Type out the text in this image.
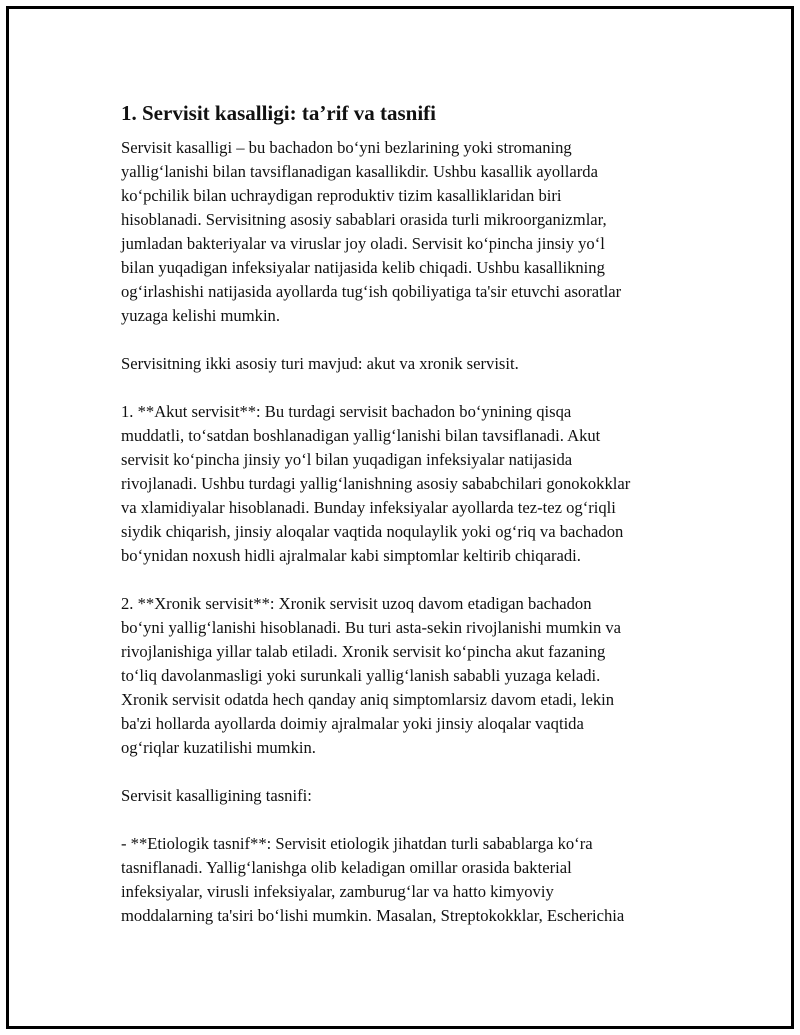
1. Servisit kasalligi: ta’rif va tasnifi
Servisit kasalligi – bu bachadon bo‘yni bezlarining yoki stromaning
yallig‘lanishi bilan tavsiflanadigan kasallikdir. Ushbu kasallik ayollarda
ko‘pchilik bilan uchraydigan reproduktiv tizim kasalliklaridan biri
hisoblanadi. Servisitning asosiy sabablari orasida turli mikroorganizmlar,
jumladan bakteriyalar va viruslar joy oladi. Servisit ko‘pincha jinsiy yo‘l
bilan yuqadigan infeksiyalar natijasida kelib chiqadi. Ushbu kasallikning
og‘irlashishi natijasida ayollarda tug‘ish qobiliyatiga ta'sir etuvchi asoratlar
yuzaga kelishi mumkin.
Servisitning ikki asosiy turi mavjud: akut va xronik servisit.
1. **Akut servisit**: Bu turdagi servisit bachadon bo‘ynining qisqa
muddatli, to‘satdan boshlanadigan yallig‘lanishi bilan tavsiflanadi. Akut
servisit ko‘pincha jinsiy yo‘l bilan yuqadigan infeksiyalar natijasida
rivojlanadi. Ushbu turdagi yallig‘lanishning asosiy sababchilari gonokokklar
va xlamidiyalar hisoblanadi. Bunday infeksiyalar ayollarda tez-tez og‘riqli
siydik chiqarish, jinsiy aloqalar vaqtida noqulaylik yoki og‘riq va bachadon
bo‘ynidan noxush hidli ajralmalar kabi simptomlar keltirib chiqaradi.
2. **Xronik servisit**: Xronik servisit uzoq davom etadigan bachadon
bo‘yni yallig‘lanishi hisoblanadi. Bu turi asta-sekin rivojlanishi mumkin va
rivojlanishiga yillar talab etiladi. Xronik servisit ko‘pincha akut fazaning
to‘liq davolanmasligi yoki surunkali yallig‘lanish sababli yuzaga keladi.
Xronik servisit odatda hech qanday aniq simptomlarsiz davom etadi, lekin
ba'zi hollarda ayollarda doimiy ajralmalar yoki jinsiy aloqalar vaqtida
og‘riqlar kuzatilishi mumkin.
Servisit kasalligining tasnifi:
- **Etiologik tasnif**: Servisit etiologik jihatdan turli sabablarga ko‘ra
tasniflanadi. Yallig‘lanishga olib keladigan omillar orasida bakterial
infeksiyalar, virusli infeksiyalar, zamburug‘lar va hatto kimyoviy
moddalarning ta'siri bo‘lishi mumkin. Masalan, Streptokokklar, Escherichia
